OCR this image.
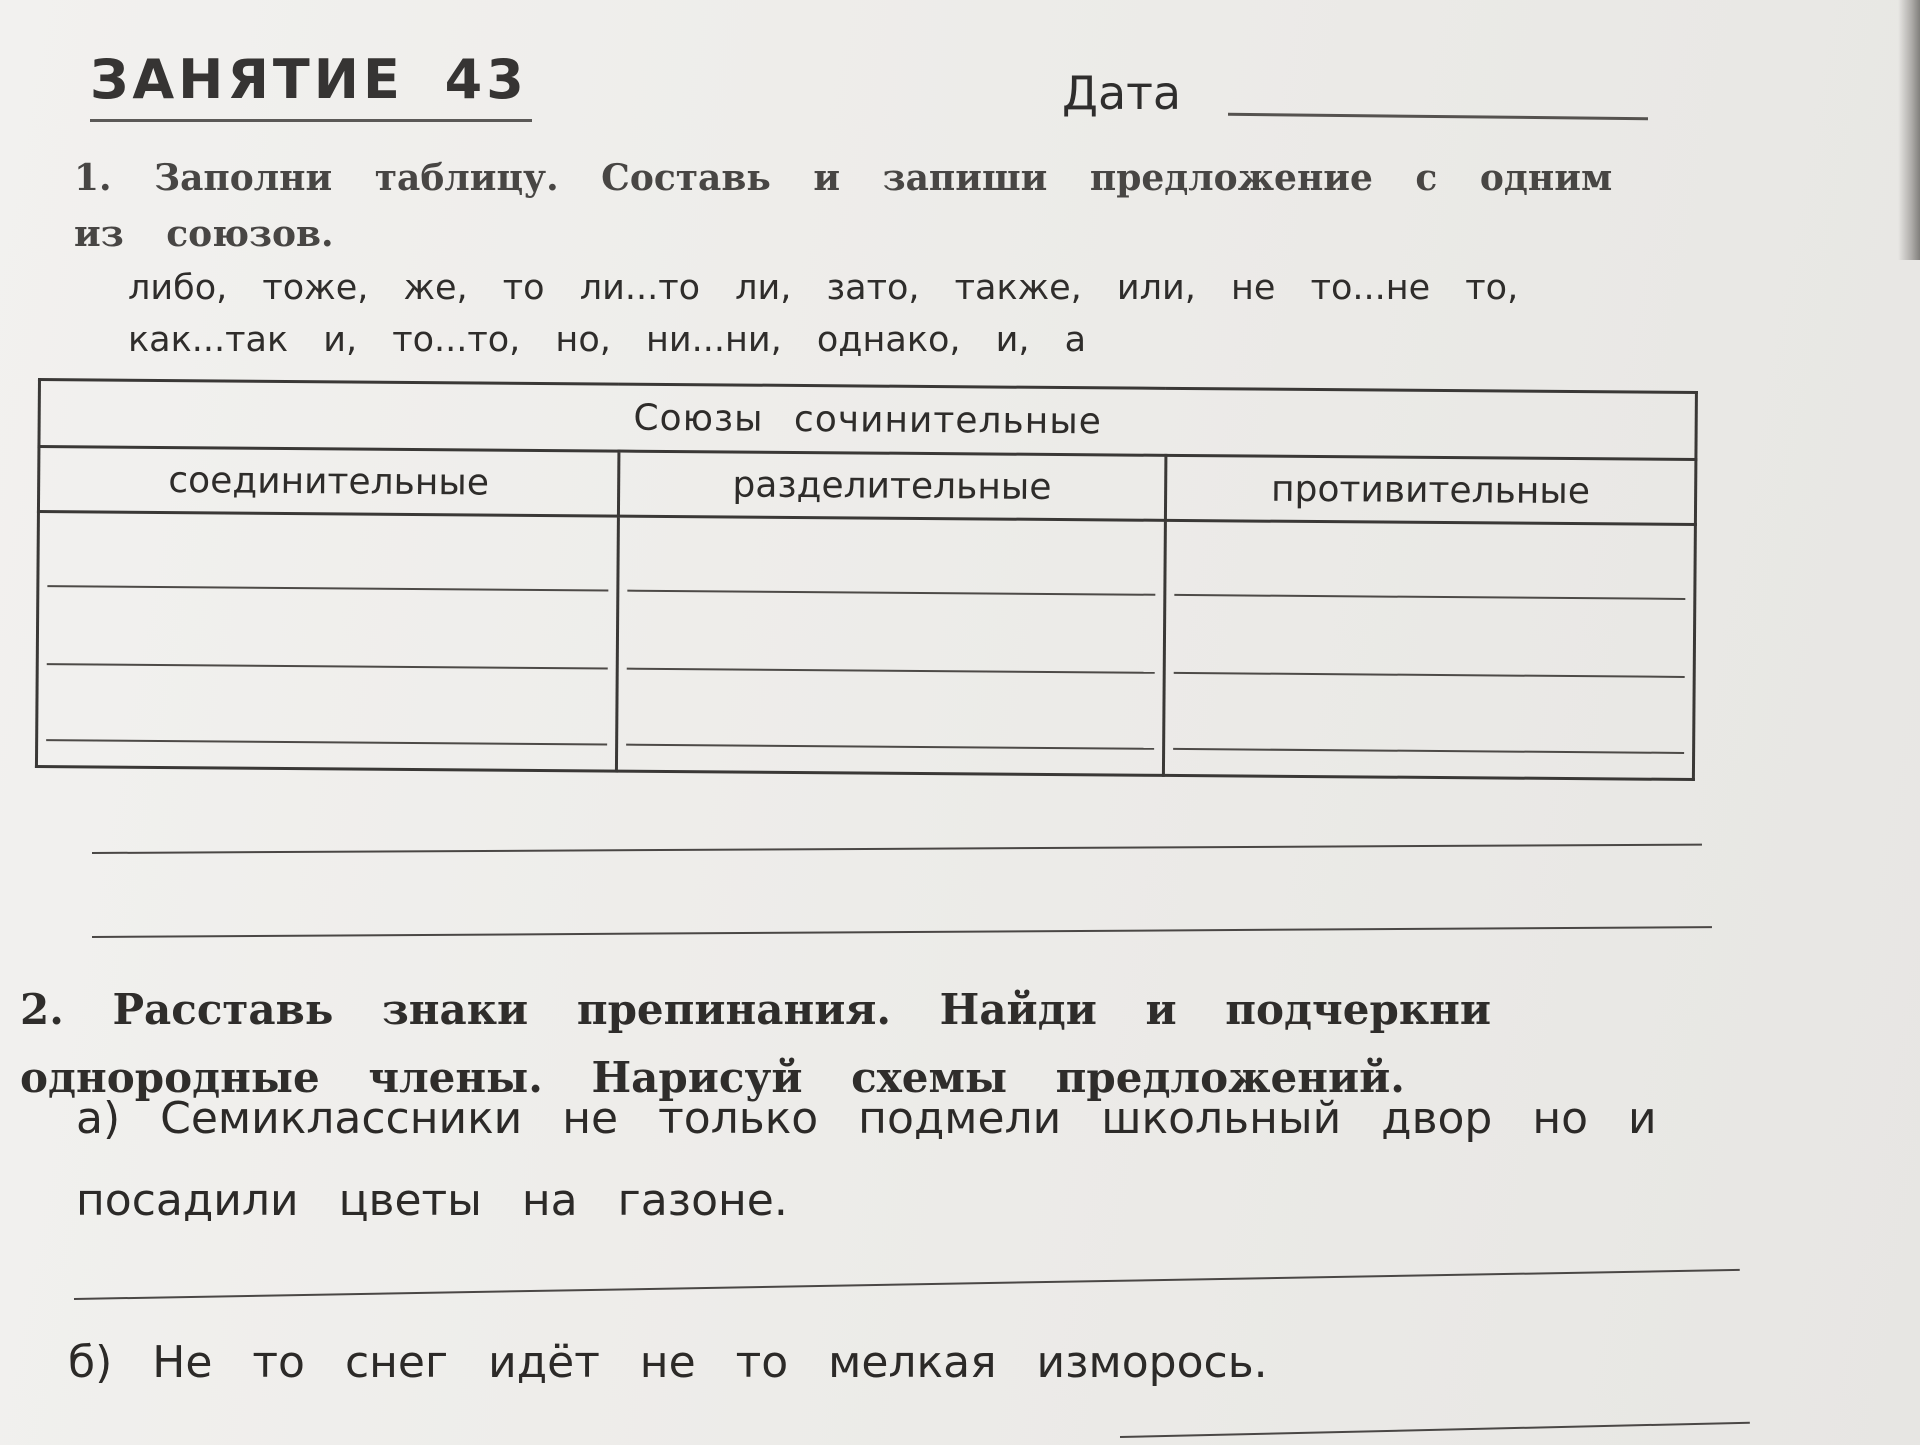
ЗАНЯТИЕ 43	Дата
1. Заполни таблицу. Составь и запиши предложение с одним из союзов.
либо, тоже, же, то ли...то ли, зато, также, или, не то...не то,
как...так и, то...то, но, ни...ни, однако, и, а
Союзы сочинительные		
соединительные	разделительные	противительные

2. Расставь знаки препинания. Найди и подчеркни однородные члены. Нарисуй схемы предложений.
а) Семиклассники не только подмели школьный двор но и посадили цветы на газоне.
б) Не то снег идёт не то мелкая изморось.
